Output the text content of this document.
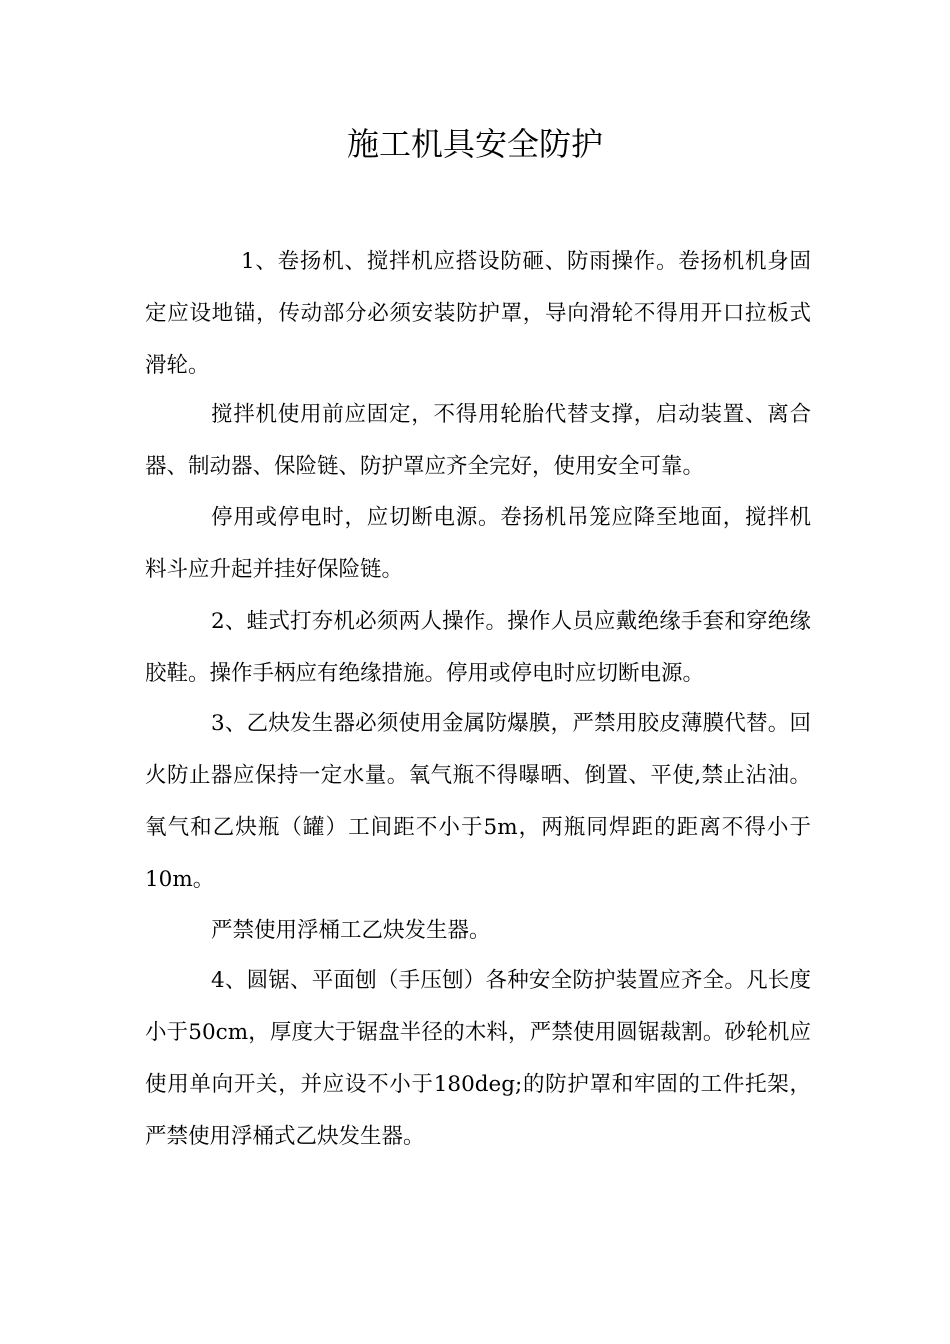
施工机具安全防护

1、卷扬机、搅拌机应搭设防砸、防雨操作。卷扬机机身固定应设地锚，传动部分必须安装防护罩，导向滑轮不得用开口拉板式滑轮。

搅拌机使用前应固定，不得用轮胎代替支撑，启动装置、离合器、制动器、保险链、防护罩应齐全完好，使用安全可靠。

停用或停电时，应切断电源。卷扬机吊笼应降至地面，搅拌机料斗应升起并挂好保险链。

2、蛙式打夯机必须两人操作。操作人员应戴绝缘手套和穿绝缘胶鞋。操作手柄应有绝缘措施。停用或停电时应切断电源。

3、乙炔发生器必须使用金属防爆膜，严禁用胶皮薄膜代替。回火防止器应保持一定水量。氧气瓶不得曝晒、倒置、平使,禁止沾油。氧气和乙炔瓶（罐）工间距不小于5m，两瓶同焊距的距离不得小于10m。

严禁使用浮桶工乙炔发生器。

4、圆锯、平面刨（手压刨）各种安全防护装置应齐全。凡长度小于50cm，厚度大于锯盘半径的木料，严禁使用圆锯裁割。砂轮机应使用单向开关，并应设不小于180deg;的防护罩和牢固的工件托架，严禁使用浮桶式乙炔发生器。
